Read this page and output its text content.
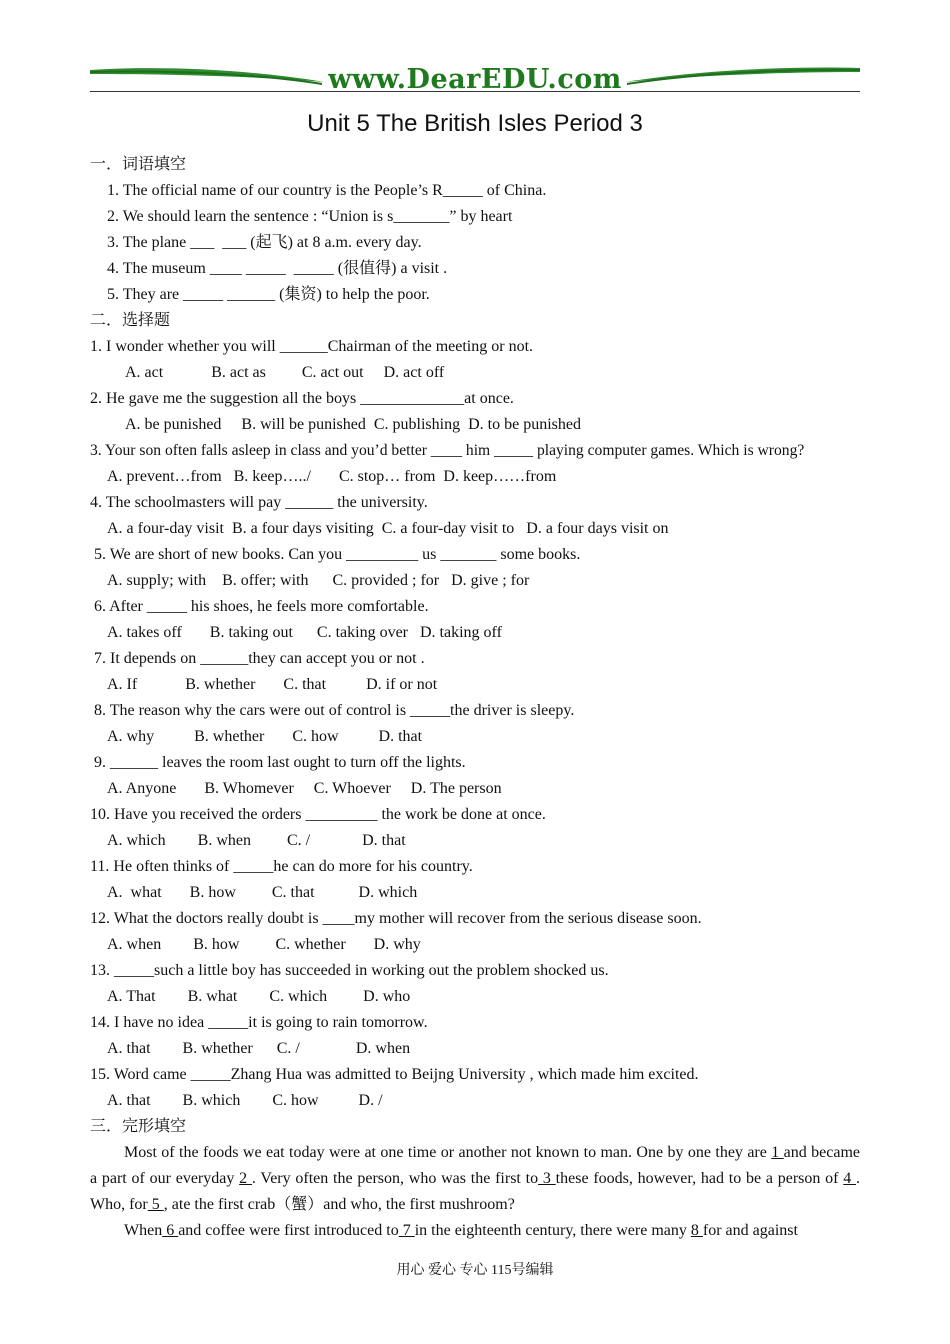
www.DearEDU.com
Unit 5 The British Isles Period 3
一．词语填空
1. The official name of our country is the People’s R_____ of China.
2. We should learn the sentence : “Union is s_______” by heart
3. The plane ___  ___ (起飞) at 8 a.m. every day.
4. The museum ____ _____  _____ (很值得) a visit .
5. They are _____ ______ (集资) to help the poor.
二．选择题
1. I wonder whether you will ______Chairman of the meeting or not.
A. act            B. act as         C. act out     D. act off
2. He gave me the suggestion all the boys _____________at once.
A. be punished     B. will be punished  C. publishing  D. to be punished
3. Your son often falls asleep in class and you’d better ____ him _____ playing computer games. Which is wrong?
A. prevent…from   B. keep…../       C. stop… from  D. keep……from
4. The schoolmasters will pay ______ the university.
A. a four-day visit  B. a four days visiting  C. a four-day visit to   D. a four days visit on
5. We are short of new books. Can you _________ us _______ some books.
A. supply; with    B. offer; with      C. provided ; for   D. give ; for
6. After _____ his shoes, he feels more comfortable.
A. takes off       B. taking out      C. taking over   D. taking off
7. It depends on ______they can accept you or not .
A. If            B. whether       C. that          D. if or not
8. The reason why the cars were out of control is _____the driver is sleepy.
A. why          B. whether       C. how          D. that
9. ______ leaves the room last ought to turn off the lights.
A. Anyone       B. Whomever     C. Whoever     D. The person
10. Have you received the orders _________ the work be done at once.
A. which        B. when         C. /             D. that
11. He often thinks of _____he can do more for his country.
A.  what       B. how         C. that           D. which
12. What the doctors really doubt is ____my mother will recover from the serious disease soon.
A. when        B. how         C. whether       D. why
13. _____such a little boy has succeeded in working out the problem shocked us.
A. That        B. what        C. which         D. who
14. I have no idea _____it is going to rain tomorrow.
A. that        B. whether      C. /              D. when
15. Word came _____Zhang Hua was admitted to Beijng University , which made him excited.
A. that        B. which        C. how          D. /
三．完形填空
Most of the foods we eat today were at one time or another not known to man. One by one they are 1 and became a part of our everyday 2 . Very often the person, who was the first to 3 these foods, however, had to be a person of 4 . Who, for 5 , ate the first crab（蟹）and who, the first mushroom?
When 6 and coffee were first introduced to 7 in the eighteenth century, there were many 8 for and against
用心 爱心 专心 115号编辑
